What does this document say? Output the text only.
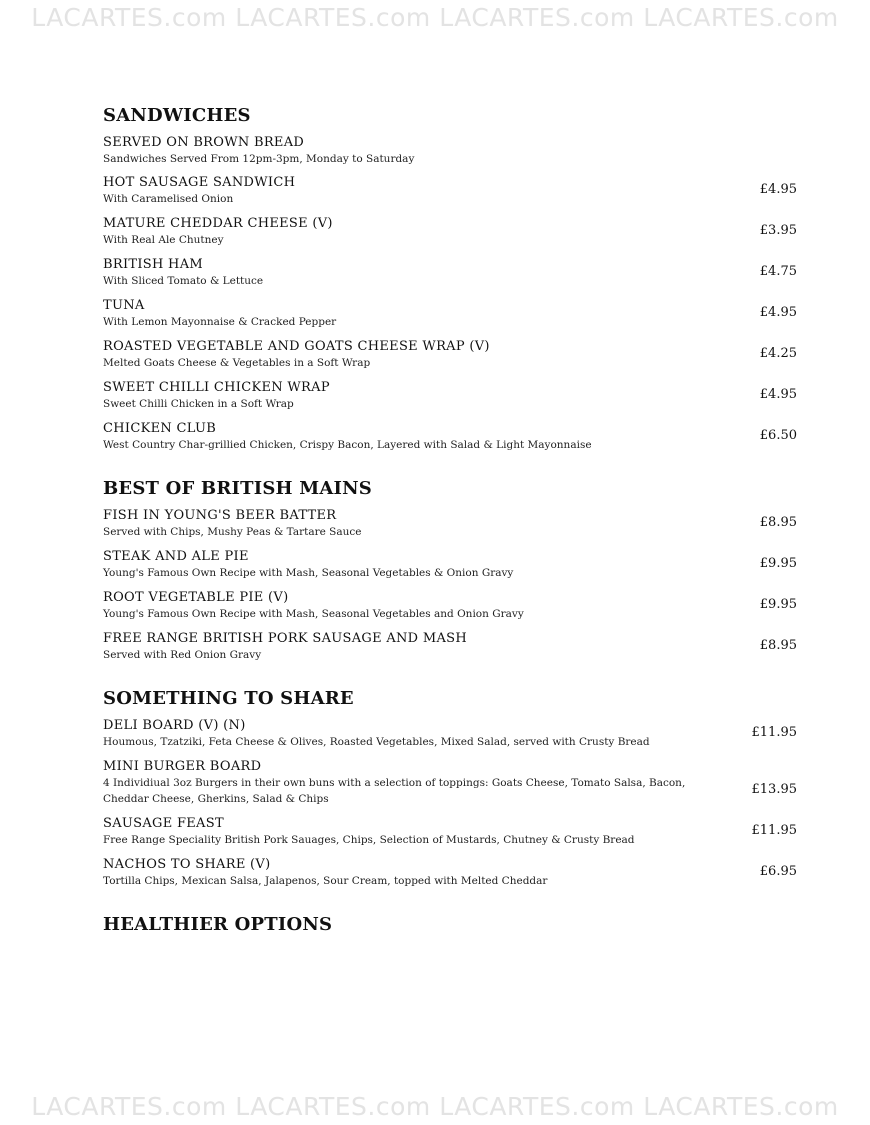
LACARTES.com LACARTES.com LACARTES.com LACARTES.com
SANDWICHES
SERVED ON BROWN BREAD
Sandwiches Served From 12pm-3pm, Monday to Saturday
HOT SAUSAGE SANDWICH
With Caramelised Onion
£4.95
MATURE CHEDDAR CHEESE (V)
With Real Ale Chutney
£3.95
BRITISH HAM
With Sliced Tomato & Lettuce
£4.75
TUNA
With Lemon Mayonnaise & Cracked Pepper
£4.95
ROASTED VEGETABLE AND GOATS CHEESE WRAP (V)
Melted Goats Cheese & Vegetables in a Soft Wrap
£4.25
SWEET CHILLI CHICKEN WRAP
Sweet Chilli Chicken in a Soft Wrap
£4.95
CHICKEN CLUB
West Country Char-grillied Chicken, Crispy Bacon, Layered with Salad & Light Mayonnaise
£6.50
BEST OF BRITISH MAINS
FISH IN YOUNG'S BEER BATTER
Served with Chips, Mushy Peas & Tartare Sauce
£8.95
STEAK AND ALE PIE
Young's Famous Own Recipe with Mash, Seasonal Vegetables & Onion Gravy
£9.95
ROOT VEGETABLE PIE (V)
Young's Famous Own Recipe with Mash, Seasonal Vegetables and Onion Gravy
£9.95
FREE RANGE BRITISH PORK SAUSAGE AND MASH
Served with Red Onion Gravy
£8.95
SOMETHING TO SHARE
DELI BOARD (V) (N)
Houmous, Tzatziki, Feta Cheese & Olives, Roasted Vegetables, Mixed Salad, served with Crusty Bread
£11.95
MINI BURGER BOARD
4 Individiual 3oz Burgers in their own buns with a selection of toppings: Goats Cheese, Tomato Salsa, Bacon, Cheddar Cheese, Gherkins, Salad & Chips
£13.95
SAUSAGE FEAST
Free Range Speciality British Pork Sauages, Chips, Selection of Mustards, Chutney & Crusty Bread
£11.95
NACHOS TO SHARE (V)
Tortilla Chips, Mexican Salsa, Jalapenos, Sour Cream, topped with Melted Cheddar
£6.95
HEALTHIER OPTIONS
LACARTES.com LACARTES.com LACARTES.com LACARTES.com
